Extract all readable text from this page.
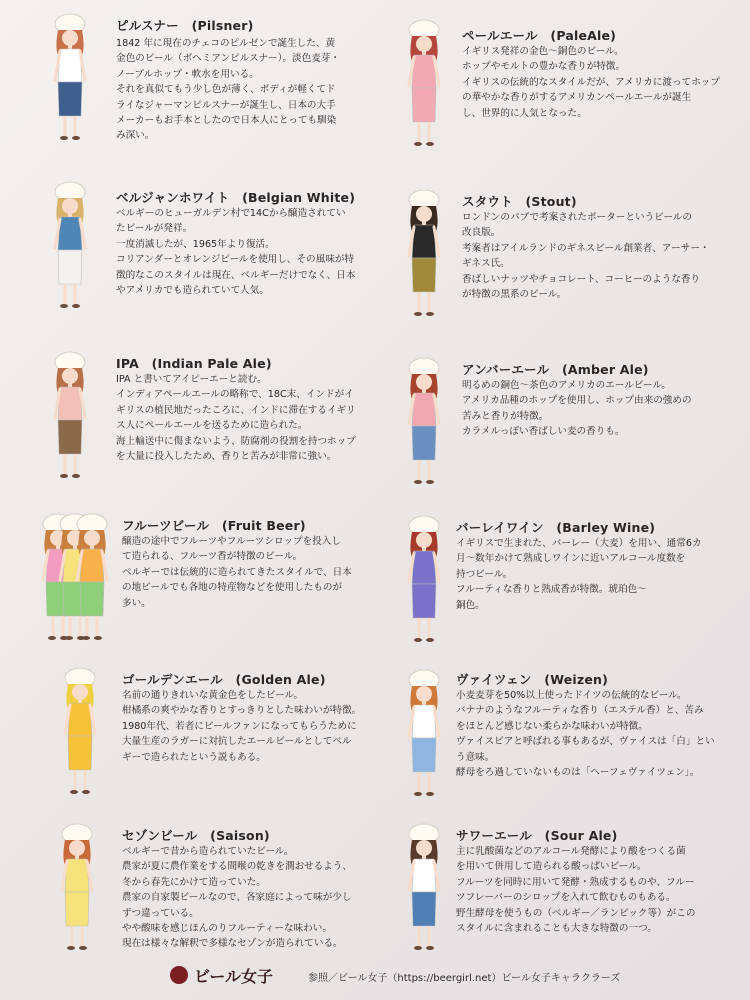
ピルスナー　(Pilsner)

1842 年に現在のチェコのピルゼンで誕生した、黄

金色のビール（ボヘミアンピルスナー）。淡色麦芽・

ノーブルホップ・軟水を用いる。

それを真似てもう少し色が薄く、ボディが軽くてド

ライなジャーマンピルスナーが誕生し、日本の大手

メーカーもお手本としたので日本人にとっても馴染

み深い。

ペールエール　(PaleAle)

イギリス発祥の金色～銅色のビール。

ホップやモルトの豊かな香りが特徴。

イギリスの伝統的なスタイルだが、アメリカに渡ってホップ

の華やかな香りがするアメリカンペールエールが誕生

し、世界的に人気となった。

ベルジャンホワイト　(Belgian White)

ベルギーのヒューガルデン村で14Cから醸造されてい

たビールが発祥。

一度消滅したが、1965年より復活。

コリアンダーとオレンジピールを使用し、その風味が特

徴的なこのスタイルは現在、ベルギーだけでなく、日本

やアメリカでも造られていて人気。

スタウト　(Stout)

ロンドンのパブで考案されたポーターというビールの

改良版。

考案者はアイルランドのギネスビール創業者、アーサー・

ギネス氏。

香ばしいナッツやチョコレート、コーヒーのような香り

が特徴の黒系のビール。

IPA　(Indian Pale Ale)

IPA と書いてアイピーエーと読む。

インディアペールエールの略称で、18C末、インドがイ

ギリスの植民地だったころに、インドに滞在するイギリ

ス人にペールエールを送るために造られた。

海上輸送中に傷まないよう、防腐剤の役割を持つホップ

を大量に投入したため、香りと苦みが非常に強い。

アンバーエール　(Amber Ale)

明るめの銅色～茶色のアメリカのエールビール。

アメリカ品種のホップを使用し、ホップ由来の強めの

苦みと香りが特徴。

カラメルっぽい香ばしい麦の香りも。

フルーツビール　(Fruit Beer)

醸造の途中でフルーツやフルーツシロップを投入し

て造られる、フルーツ香が特徴のビール。

ベルギーでは伝統的に造られてきたスタイルで、日本

の地ビールでも各地の特産物などを使用したものが

多い。

バーレイワイン　(Barley Wine)

イギリスで生まれた、バーレー（大麦）を用い、通常6カ

月～数年かけて熟成しワインに近いアルコール度数を

持つビール。

フルーティな香りと熟成香が特徴。琥珀色～

銅色。

ゴールデンエール　(Golden Ale)

名前の通りきれいな黄金色をしたビール。

柑橘系の爽やかな香りとすっきりとした味わいが特徴。

1980年代、若者にビールファンになってもらうために

大量生産のラガーに対抗したエールビールとしてベル

ギーで造られたという説もある。

ヴァイツェン　(Weizen)

小麦麦芽を50%以上使ったドイツの伝統的なビール。

バナナのようなフルーティな香り（エステル香）と、苦み

をほとんど感じない柔らかな味わいが特徴。

ヴァイスビアと呼ばれる事もあるが、ヴァイスは「白」とい

う意味。

酵母をろ過していないものは「ヘーフェヴァイツェン」。

セゾンビール　(Saison)

ベルギーで昔から造られていたビール。

農家が夏に農作業をする間喉の乾きを潤おせるよう、

冬から春先にかけて造っていた。

農家の自家製ビールなので、各家庭によって味が少し

ずつ違っている。

やや酸味を感じほんのりフルーティーな味わい。

現在は様々な解釈で多様なセゾンが造られている。

サワーエール　(Sour Ale)

主に乳酸菌などのアルコール発酵により酸をつくる菌

を用いて併用して造られる酸っぱいビール。

フルーツを同時に用いて発酵・熟成するものや、フルー

ツフレーバーのシロップを入れて飲むものもある。

野生酵母を使うもの（ベルギー／ランビック等）がこの

スタイルに含まれることも大きな特徴の一つ。

ビール女子	参照／ビール女子（https://beergirl.net）ビール女子キャラクラーズ
